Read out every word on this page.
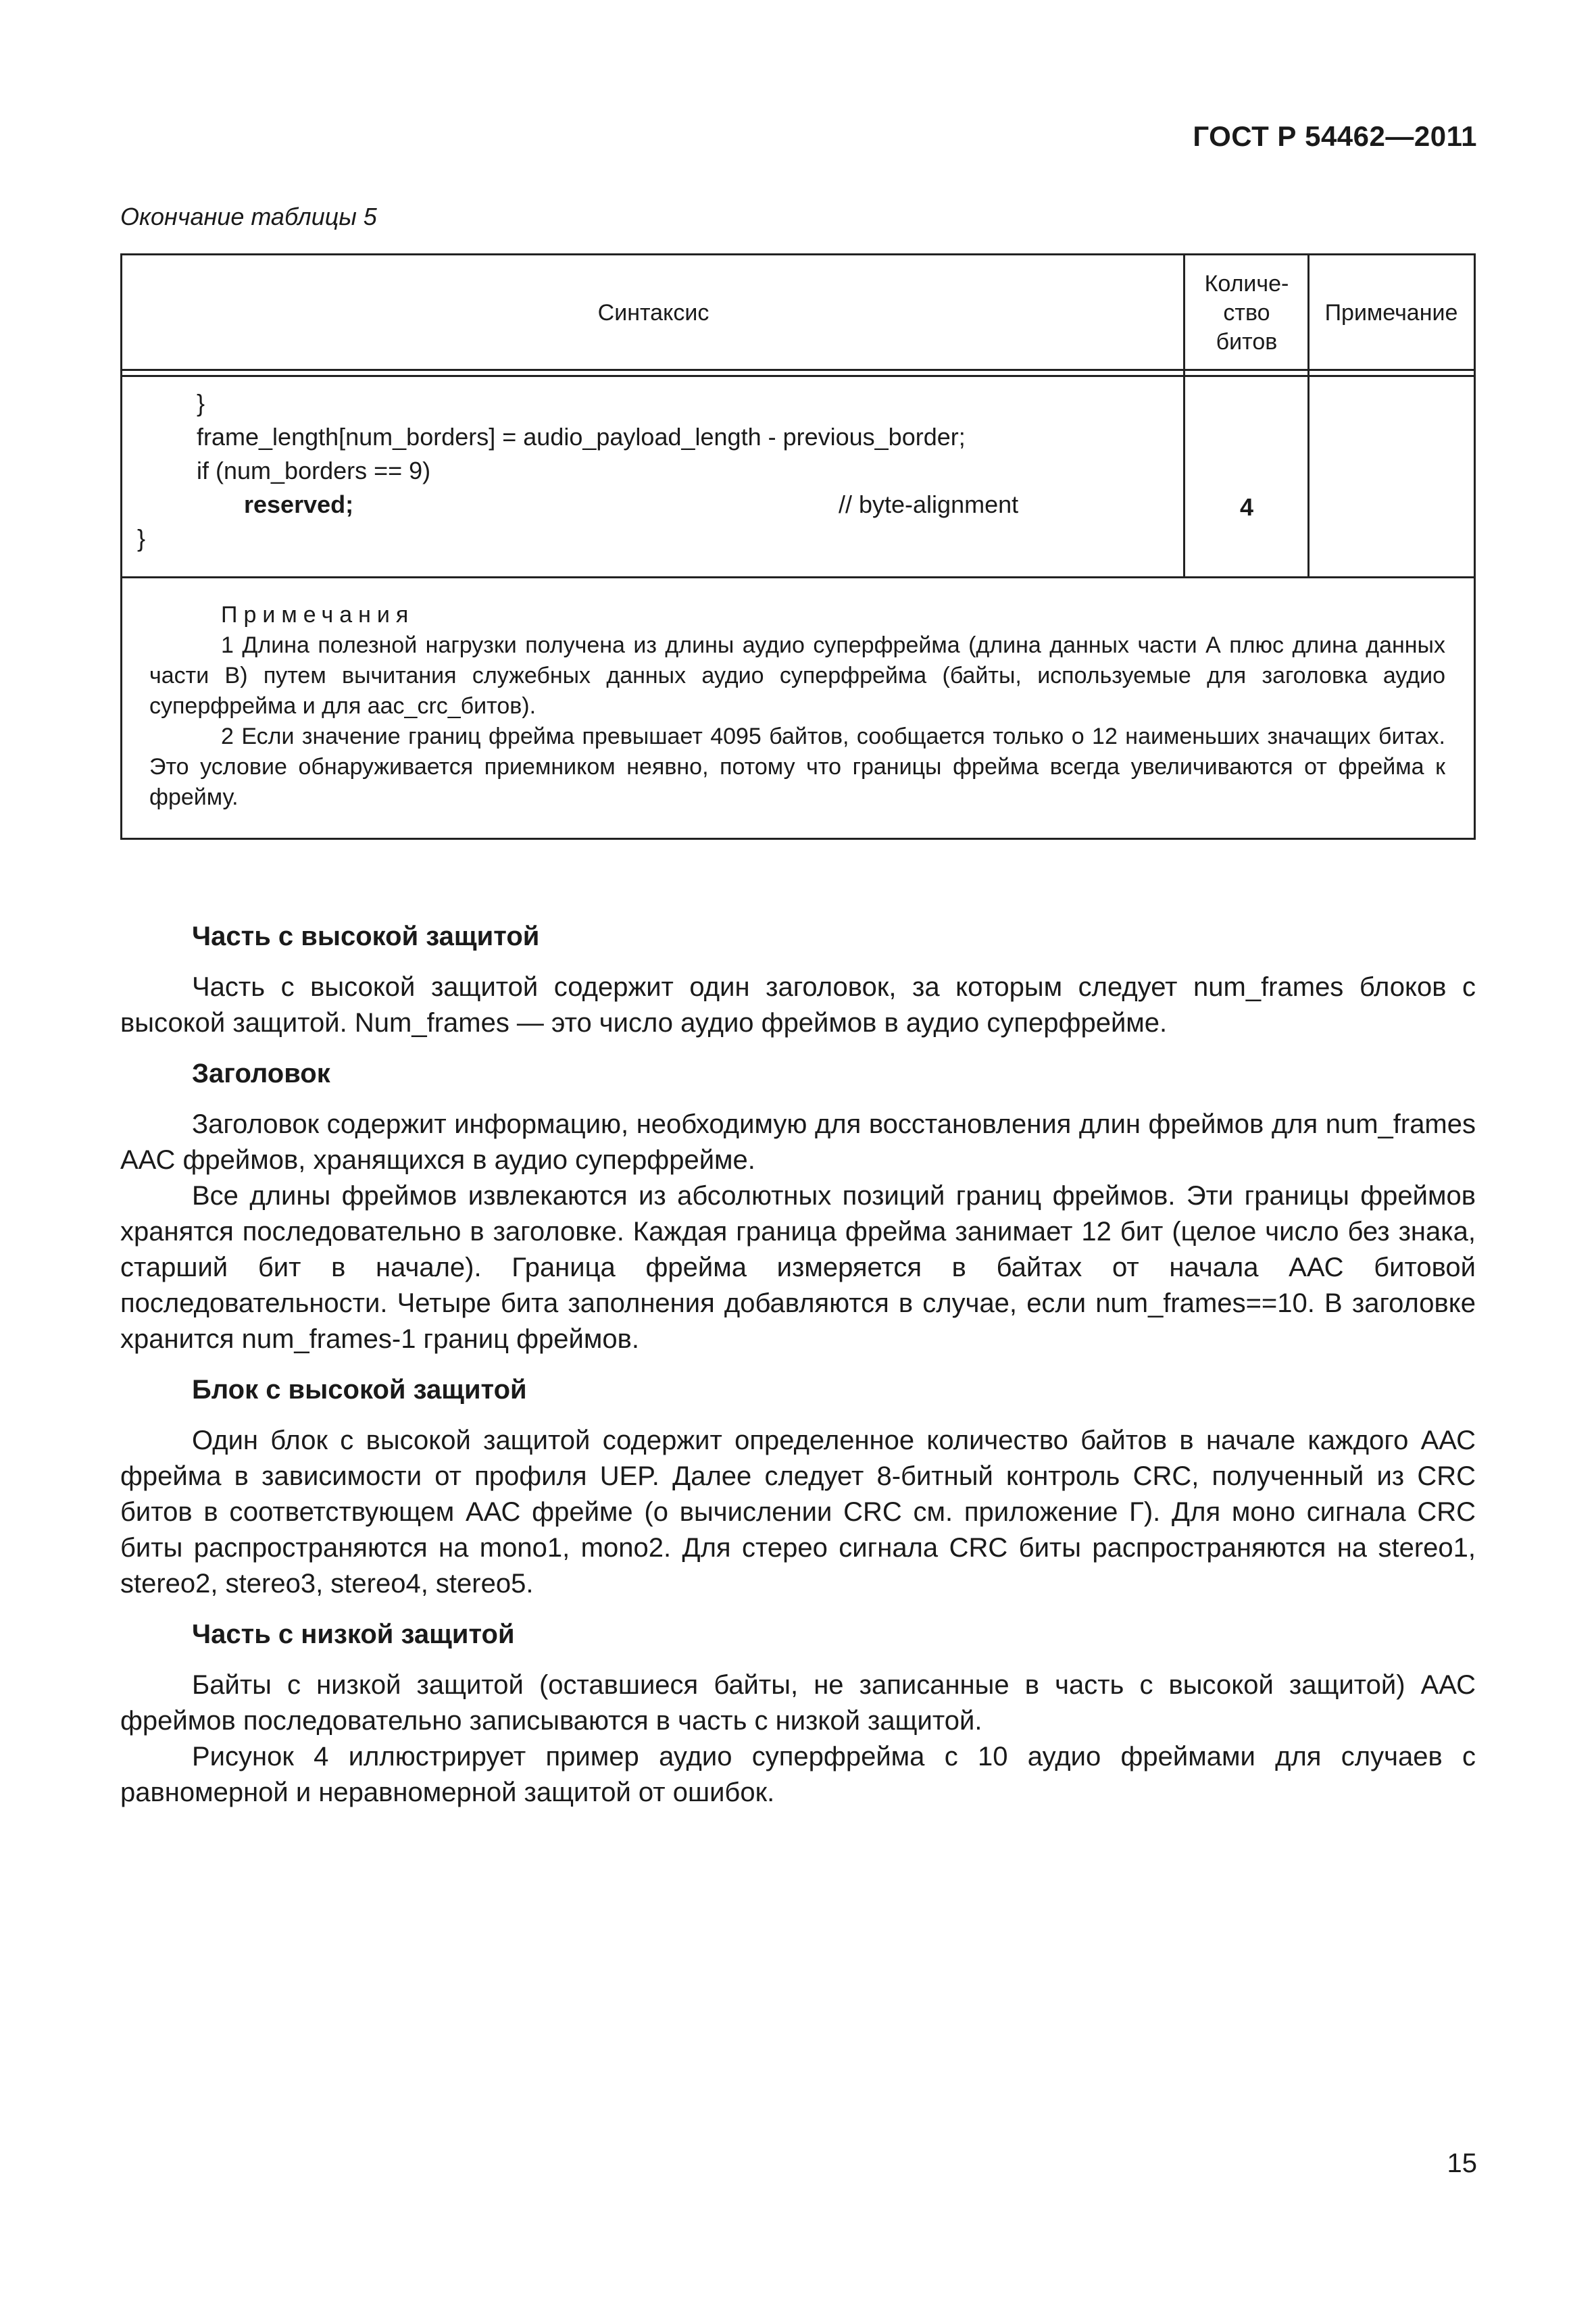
ГОСТ Р 54462—2011
Окончание таблицы 5
Синтаксис
Количе-
ство
битов
Примечание
}
frame_length[num_borders] = audio_payload_length - previous_border;
if (num_borders == 9)
reserved;	// byte-alignment
}
4
Примечания

1 Длина полезной нагрузки получена из длины аудио суперфрейма (длина данных части А плюс длина данных части В) путем вычитания служебных данных аудио суперфрейма (байты, используемые для заголовка аудио суперфрейма и для aac_crc_битов).

2 Если значение границ фрейма превышает 4095 байтов, сообщается только о 12 наименьших значащих битах. Это условие обнаруживается приемником неявно, потому что границы фрейма всегда увеличиваются от фрейма к фрейму.

Часть с высокой защитой

Часть с высокой защитой содержит один заголовок, за которым следует num_frames блоков с высокой защитой. Num_frames — это число аудио фреймов в аудио суперфрейме.

Заголовок

Заголовок содержит информацию, необходимую для восстановления длин фреймов для num_frames ААС фреймов, хранящихся в аудио суперфрейме.

Все длины фреймов извлекаются из абсолютных позиций границ фреймов. Эти границы фреймов хранятся последовательно в заголовке. Каждая граница фрейма занимает 12 бит (целое число без знака, старший бит в начале). Граница фрейма измеряется в байтах от начала ААС битовой последовательности. Четыре бита заполнения добавляются в случае, если num_frames==10. В заголовке хранится num_frames-1 границ фреймов.

Блок с высокой защитой

Один блок с высокой защитой содержит определенное количество байтов в начале каждого ААС фрейма в зависимости от профиля UEP. Далее следует 8-битный контроль CRC, полученный из CRC битов в соответствующем ААС фрейме (о вычислении CRC см. приложение Г). Для моно сигнала CRC биты распространяются на mono1, mono2. Для стерео сигнала CRC биты распространяются на stereo1, stereo2, stereo3, stereo4, stereo5.

Часть с низкой защитой

Байты с низкой защитой (оставшиеся байты, не записанные в часть с высокой защитой) ААС фреймов последовательно записываются в часть с низкой защитой.

Рисунок 4 иллюстрирует пример аудио суперфрейма с 10 аудио фреймами для случаев с равномерной и неравномерной защитой от ошибок.

15
